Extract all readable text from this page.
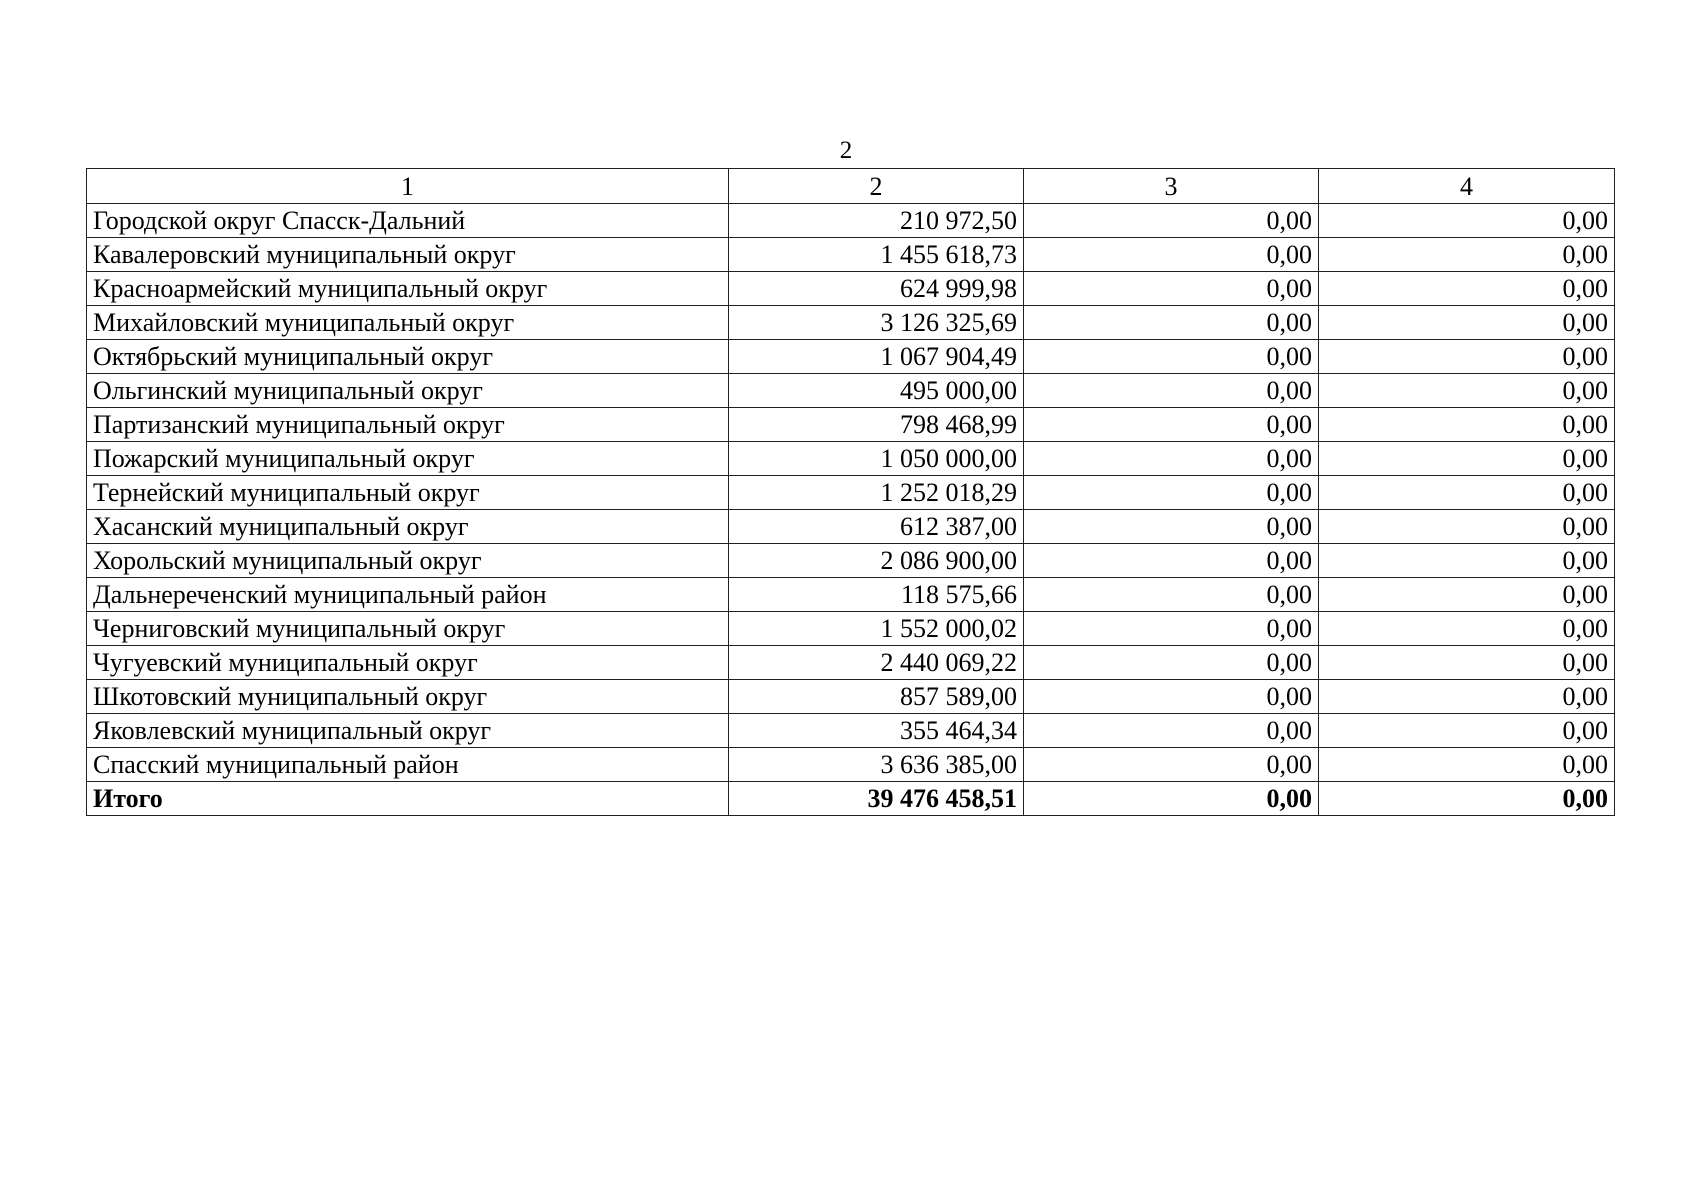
2
1	2	3	4
Городской округ Спасск-Дальний	210 972,50	0,00	0,00
Кавалеровский муниципальный округ	1 455 618,73	0,00	0,00
Красноармейский муниципальный округ	624 999,98	0,00	0,00
Михайловский муниципальный округ	3 126 325,69	0,00	0,00
Октябрьский муниципальный округ	1 067 904,49	0,00	0,00
Ольгинский муниципальный округ	495 000,00	0,00	0,00
Партизанский муниципальный округ	798 468,99	0,00	0,00
Пожарский муниципальный округ	1 050 000,00	0,00	0,00
Тернейский муниципальный округ	1 252 018,29	0,00	0,00
Хасанский муниципальный округ	612 387,00	0,00	0,00
Хорольский муниципальный округ	2 086 900,00	0,00	0,00
Дальнереченский муниципальный район	118 575,66	0,00	0,00
Черниговский муниципальный округ	1 552 000,02	0,00	0,00
Чугуевский муниципальный округ	2 440 069,22	0,00	0,00
Шкотовский муниципальный округ	857 589,00	0,00	0,00
Яковлевский муниципальный округ	355 464,34	0,00	0,00
Спасский муниципальный район	3 636 385,00	0,00	0,00
Итого	39 476 458,51	0,00	0,00
